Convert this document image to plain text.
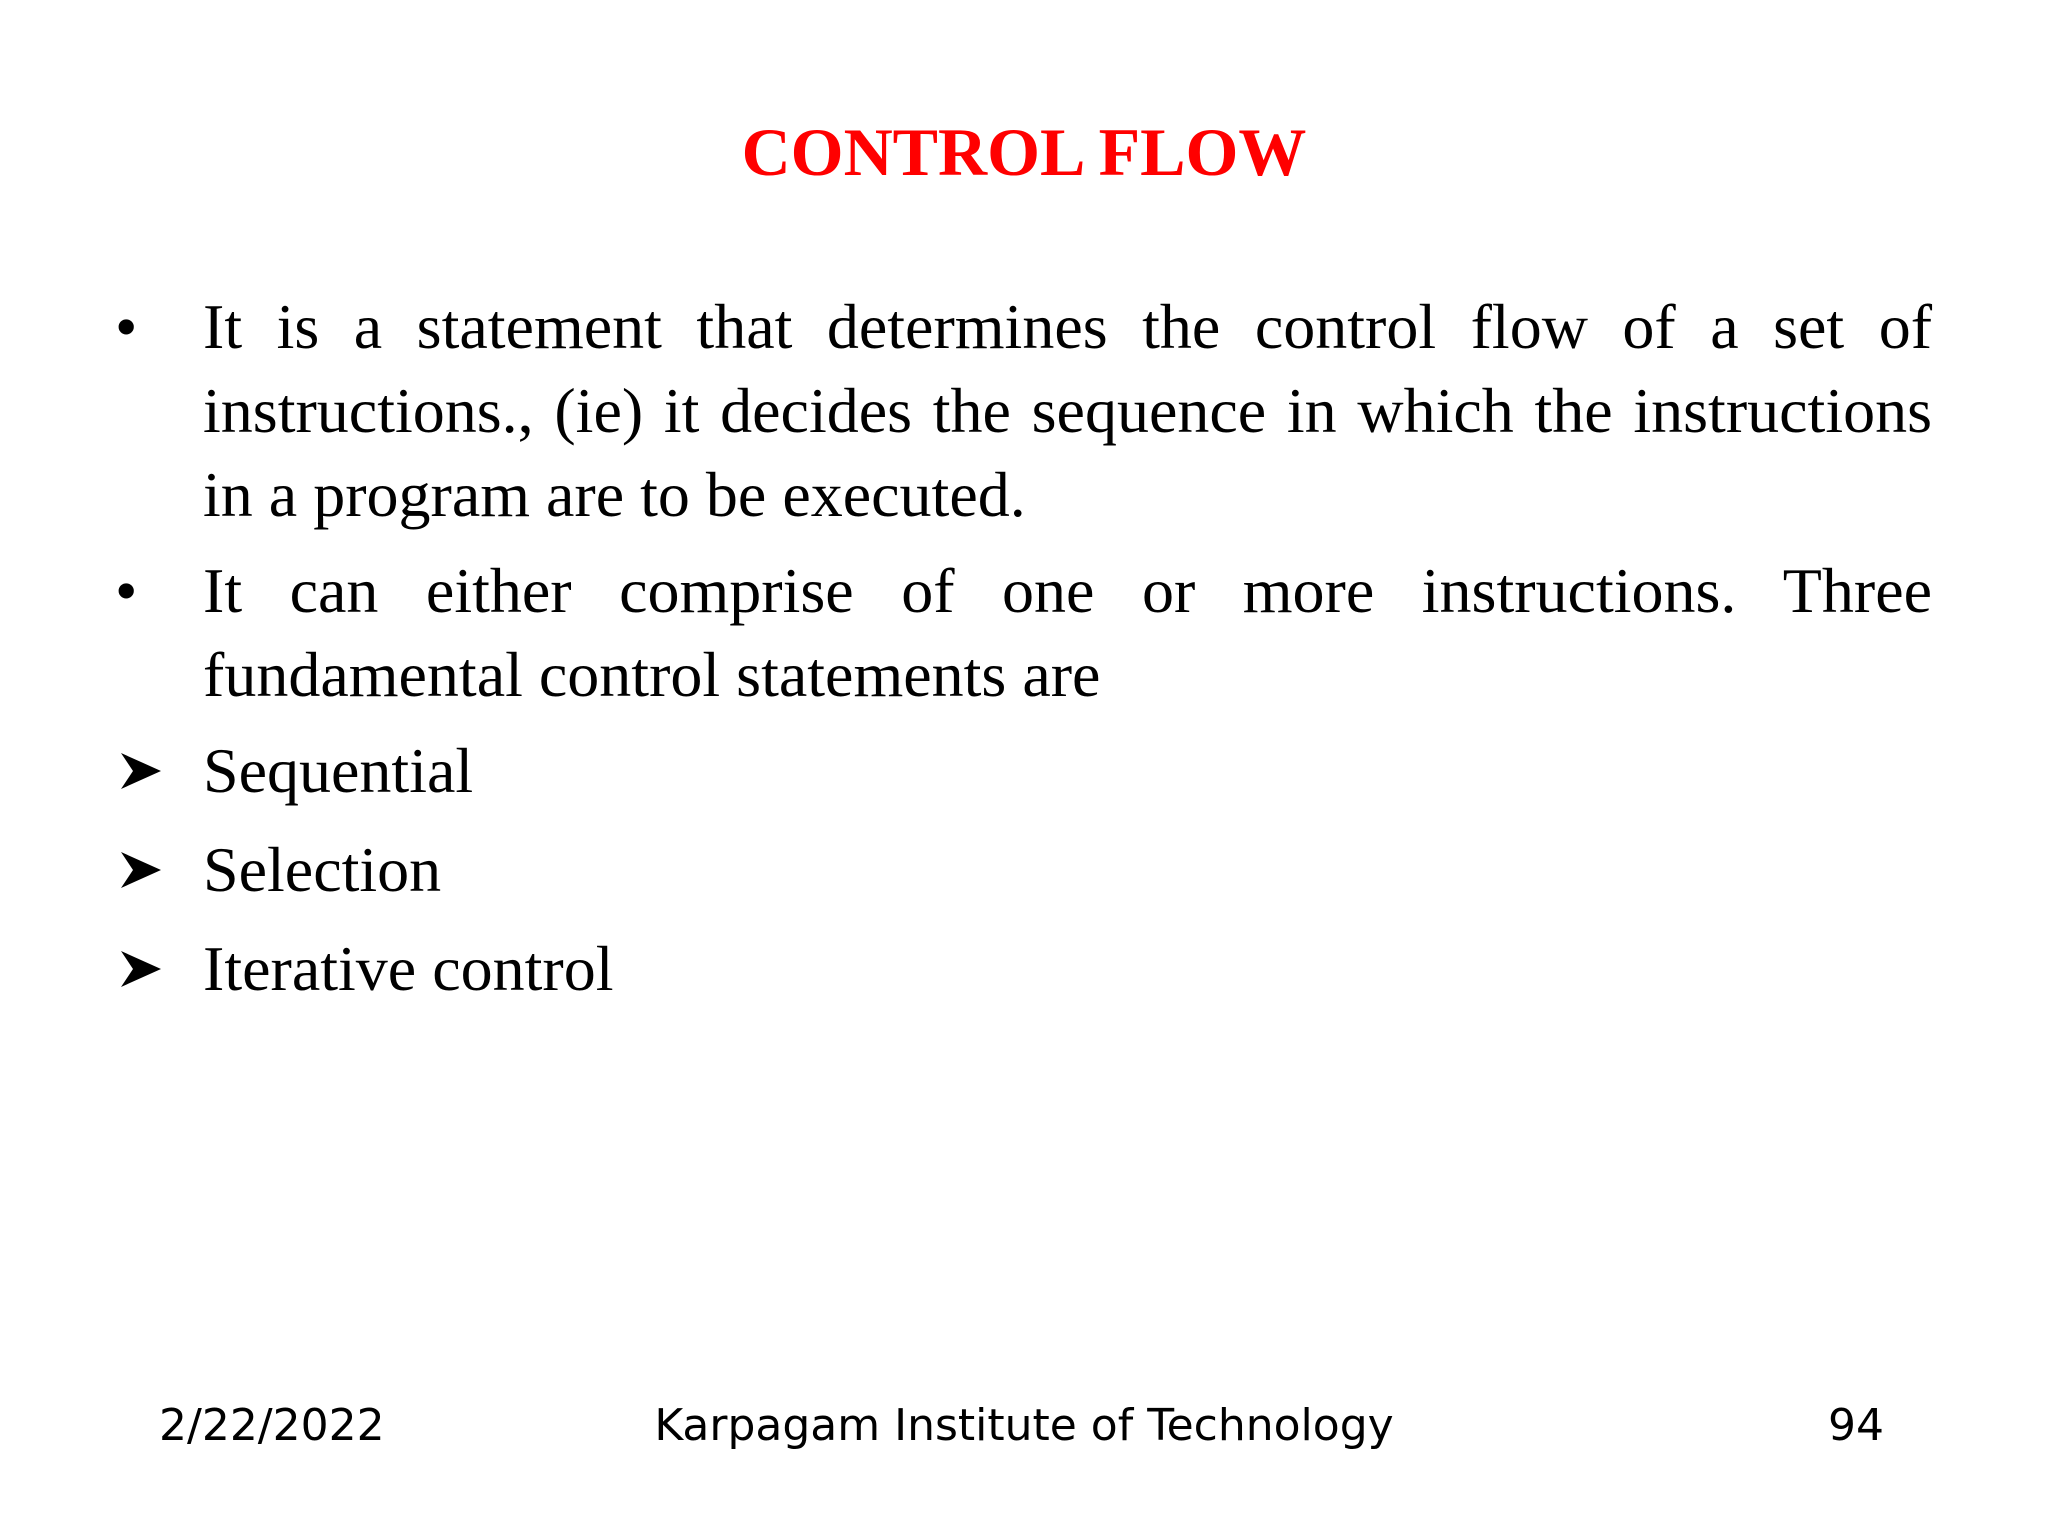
CONTROL FLOW
•	It is a statement that determines the control flow of a set of instructions., (ie) it decides the sequence in which the instructions in a program are to be executed.
•	It can either comprise of one or more instructions. Three fundamental control statements are
Sequential
Selection
Iterative control
Karpagam Institute of Technology
2/22/2022	94
